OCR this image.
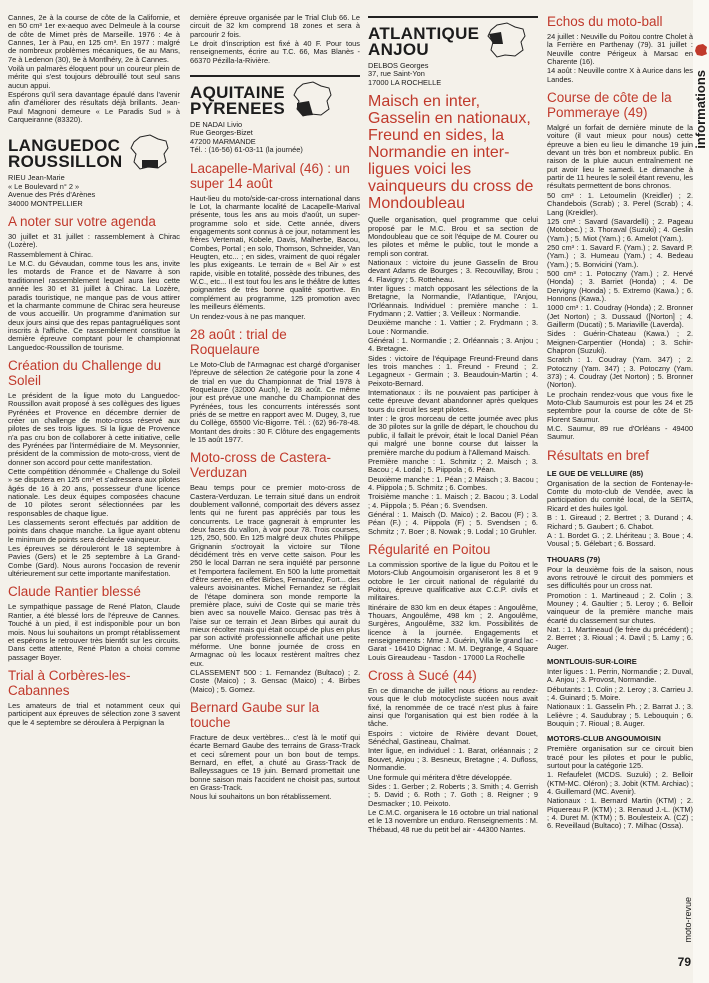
Cannes, 2e à la course de côte de la Californie, et en 50 cm³ 1er ex-aequo avec Delmeule à la course de côte de Mimet près de Marseille. 1976 : 4e à Cannes, 1er à Pau, en 125 cm³. En 1977 : malgré de nombreux problèmes mécaniques, 6e au Mans, 7e à Ledenon (30), 9e à Montlhéry, 2e à Cannes.

Voilà un palmarès éloquent pour un coureur plein de mérite qui s'est toujours débrouillé tout seul sans aucun appui.

Espérons qu'il sera davantage épaulé dans l'avenir afin d'améliorer des résultats déjà brillants. Jean-Paul Magnoni demeure « Le Paradis Sud » à Carqueiranne (83320).

LANGUEDOC
ROUSSILLON
RIEU Jean-Marie
« Le Boulevard n° 2 »
Avenue des Prés d'Arènes
34000 MONTPELLIER
A noter sur votre agenda

30 juillet et 31 juillet : rassemblement à Chirac (Lozère).

Rassemblement à Chirac.

Le M.C. du Gévaudan, comme tous les ans, invite les motards de France et de Navarre à son traditionnel rassemblement lequel aura lieu cette année les 30 et 31 juillet à Chirac. La Lozère, paradis touristique, ne manque pas de vous attirer et la charmante commune de Chirac sera heureuse de vous accueillir. Un programme d'animation sur deux jours ainsi que des repas pantagruéliques sont inscrits à l'affiche. Ce rassemblement constitue la dernière épreuve comptant pour le championnat Languedoc-Roussillon de tourisme.

Création du Challenge du Soleil

Le président de la ligue moto du Languedoc-Roussillon avait proposé à ses collègues des ligues Pyrénées et Provence en décembre dernier de créer un challenge de moto-cross réservé aux pilotes de ses trois ligues. Si la ligue de Provence n'a pas cru bon de collaborer à cette initiative, celle des Pyrénées par l'intermédiaire de M. Meysonnier, président de la commission de moto-cross, vient de donner son accord pour cette manifestation.

Cette compétition dénommée « Challenge du Soleil » se disputera en 125 cm³ et s'adressera aux pilotes âgés de 16 à 20 ans, possesseur d'une licence nationale. Les deux équipes composées chacune de 10 pilotes seront sélectionnées par les responsables de chaque ligue.

Les classements seront effectués par addition de points dans chaque manche. La ligue ayant obtenu le minimum de points sera déclarée vainqueur.

Les épreuves se dérouleront le 18 septembre à Pavies (Gers) et le 25 septembre à La Grand-Combe (Gard). Nous aurons l'occasion de revenir ultérieurement sur cette importante manifestation.

Claude Rantier blessé

Le sympathique passage de René Platon, Claude Rantier, a été blessé lors de l'épreuve de Cannes. Touché à un pied, il est indisponible pour un bon mois. Nous lui souhaitons un prompt rétablissement et espérons le retrouver très bientôt sur les circuits. Dans cette attente, René Platon a choisi comme passager Boyer.

Trial à Corbères-les-Cabannes

Les amateurs de trial et notamment ceux qui participent aux épreuves de sélection zone 3 savent que le 4 septembre se déroulera à Perpignan la

dernière épreuve organisée par le Trial Club 66. Le circuit de 32 km comprend 18 zones et sera à parcourir 2 fois.

Le droit d'inscription est fixé à 40 F. Pour tous renseignements, écrire au T.C. 66, Mas Blanès - 66370 Pézilla-la-Rivière.

AQUITAINE
PYRENEES
DE NADAI Livio
Rue Georges-Bizet
47200 MARMANDE
Tél. : (16-56) 61-03-11 (la journée)
Lacapelle-Marival (46) : un super 14 août

Haut-lieu du moto/side-car-cross international dans le Lot, la charmante localité de Lacapelle-Marival présente, tous les ans au mois d'août, un super-programme solo et side. Cette année, divers engagements sont connus à ce jour, notamment les frères Vertemati, Kobele, Davis, Malherbe, Bacou, Combes, Portal ; en solo, Thomson, Schneider, Van Heugten, etc... ; en sides, vraiment de quoi régaler les plus exigeants. Le terrain de « Bel Air » est rapide, visible en totalité, possède des tribunes, des W.C., etc... Il est tout fou les ans le théâtre de luttes poignantes de très bonne qualité sportive. En complément au programme, 125 promotion avec les meilleurs éléments.

Un rendez-vous à ne pas manquer.

28 août : trial de Roquelaure

Le Moto-Club de l'Armagnac est chargé d'organiser l'épreuve de sélection 2e catégorie pour la zone 4 de trial en vue du Championnat de Trial 1978 à Roquelaure (32000 Auch), le 28 août. Ce même jour est prévue une manche du Championnat des Pyrénées, tous les concurrents intéressés sont priés de se mettre en rapport avec M. Dugey, 3, rue du Collège, 65500 Vic-Bigorre. Tél. : (62) 96-78-48. Montant des droits : 30 F. Clôture des engagements le 15 août 1977.

Moto-cross de Castera-Verduzan

Beau temps pour ce premier moto-cross de Castera-Verduzan. Le terrain situé dans un endroit doublement vallonné, comportait des dévers assez lents qui ne furent pas appréciés par tous les concurrents. Le trace gagnerait à emprunter les deux faces du vallon, à voir pour 78. Trois courses, 125, 250, 500. En 125 malgré deux chutes Philippe Grignanin s'octroyait la victoire sur Tilone décidément très en verve cette saison. Pour les 250 le local Darran ne sera inquiété par personne et l'emportera facilement. En 500 la lutte promettait d'être serrée, en effet Birbes, Fernandez, Fort... des valeurs avoisinantes. Michel Fernandez se réglait de l'étape dominera son monde remporte la première place, suivi de Coste qui se mariе très bien avec sa nouvelle Maico. Gensac pas très à l'aise sur ce terrain et Jean Birbes qui aurait du mieux récolter mais qui était occupé de plus en plus par son activité professionnelle affichait une petite méforme. Une bonne journée de cross en Armagnac où les locaux restèrent maîtres chez eux.

CLASSEMENT 500 : 1. Fernandez (Bultaco) ; 2. Coste (Maico) ; 3. Gensac (Maico) ; 4. Birbes (Maico) ; 5. Gomez.

Bernard Gaube sur la touche

Fracture de deux vertèbres... c'est là le motif qui écarte Bernard Gaube des terrains de Grass-Track et ceci sûrement pour un bon bout de temps. Bernard, en effet, a chuté au Grass-Track de Balleyssagues ce 19 juin. Bernard promettait une bonne saison mais l'accident ne choisit pas, surtout en Grass-Track.

Nous lui souhaitons un bon rétablissement.

ATLANTIQUE
ANJOU
DELBOS Georges
37, rue Saint-Yon
17000 LA ROCHELLE
Maisch en inter, Gasselin en nationaux, Freund en sides, la Normandie en inter-ligues voici les vainqueurs du cross de Mondoubleau

Quelle organisation, quel programme que celui proposé par le M.C. Brou et sa section de Mondoubleau que ce soit l'équipe de M. Courer ou les pilotes et même le public, tout le monde a rempli son contrat.

Nationaux : victoire du jeune Gasselin de Brou devant Adams de Bourges ; 3. Recouvillay, Brou ; 4. Flavigny ; 5. Rotteheau.

Inter ligues : match opposant les sélections de la Bretagne, la Normandie, l'Atlantique, l'Anjou, l'Orléannais. Individuel : première manche : 1. Frydmann ; 2. Vattier ; 3. Veilleux : Normandie.

Deuxième manche : 1. Vattier ; 2. Frydmann ; 3. Loue : Normandie.

Général : 1. Normandie ; 2. Orléannais ; 3. Anjou ; 4. Bretagne.

Sides : victoire de l'équipage Freund-Freund dans les trois manches : 1. Freund - Freund ; 2. Legagneux - Germain ; 3. Beaudouin-Martin ; 4. Peixoto-Bernard.

Internationaux : ils ne pouvaient pas participer à cette épreuve devant abandonner après quelques tours du circuit les sept pilotes.

Inter : le gros morceau de cette journée avec plus de 30 pilotes sur la grille de départ, le chouchou du public, il fallait le prévoir, était le local Daniel Péan qui malgré une bonne course dut laisser la première marche du podium à l'Allemand Maisch.

Première manche : 1. Schmitz ; 2. Maisch ; 3. Bacou ; 4. Lodal ; 5. Piippola ; 6. Péan.

Deuxième manche : 1. Péan ; 2 Maisch ; 3. Bacou ; 4. Piippola ; 5. Schmitz ; 6. Combes.

Troisième manche : 1. Maisch ; 2. Bacou ; 3. Lodal ; 4. Piippola ; 5. Péan ; 6. Svendsen.

Général : 1. Maisch (D. Maico) ; 2. Bacou (F) ; 3. Péan (F.) ; 4. Piippola (F) ; 5. Svendsen ; 6. Schmitz ; 7. Boer ; 8. Nowak ; 9. Lodal ; 10 Gruhler.

Régularité en Poitou

La commission sportive de la ligue du Poitou et le Motors-Club Angoumoisin organiseront les 8 et 9 octobre le 1er circuit national de régularité du Poitou, épreuve qualificative aux C.C.P. civils et militaires.

Itinéraire de 830 km en deux étapes : Angoulême, Thouars, Angoulême, 498 km ; 2. Angoulême, Surgères, Angoulême, 332 km. Possibilités de licence à la journée. Engagements et renseignements : Mme J. Guérin, Villa le grand lac - Garat - 16410 Dignac : M. M. Degrange, 4 Square Louis Gireaudeau - Tasdon - 17000 La Rochelle

Cross à Sucé (44)

En ce dimanche de juillet nous étions au rendez-vous que le club motocycliste sucéen nous avait fixé, la renommée de ce tracé n'est plus à faire ainsi que l'organisation qui est bien rodée à la tâche.

Espoirs : victoire de Rivière devant Douet, Sénéchal, Gastineau, Chalmat.

Inter ligue, en individuel : 1. Barat, orléannais ; 2 Bouvet, Anjou ; 3. Besneux, Bretagne ; 4. Dufloss, Normandie.

Une formule qui méritera d'être développée.

Sides : 1. Gerber ; 2. Roberts ; 3. Smith ; 4. Gerrish ; 5. David ; 6. Roth ; 7. Goth ; 8. Reigner ; 9 Desmacker ; 10. Peixoto.

Le C.M.C. organisera le 16 octobre un trial national et le 13 novembre un enduro. Renseignements : M. Thébaud, 48 rue du petit bel air - 44300 Nantes.

Echos du moto-ball

24 juillet : Neuville du Poitou contre Cholet à la Ferrière en Parthenay (79). 31 juillet : Neuville contre Périgeux à Marsac en Charente (16).

14 août : Neuville contre X à Aurice dans les Landes.

Course de côte de la Pommeraye (49)

Malgré un forfait de dernière minute de la voiture (il vaut mieux pour nous) cette épreuve a bien eu lieu le dimanche 19 juin devant un très bon et nombreux public. En raison de la pluie aucun entraînement ne put avoir lieu le samedi. Le dimanche à partir de 11 heures le soleil étant revenu, les résultats permettent de bons chronos.

50 cm³ : 1. Letoumelin (Kreidler) ; 2. Chandebois (Scrab) ; 3. Perel (Scrab) ; 4. Lang (Kreidler).

125 cm³ : Savard (Savardelli) ; 2. Pageau (Motobec.) ; 3. Thoraval (Suzuki) ; 4. Geslin (Yam.) ; 5. Miot (Yam.) ; 6. Amelot (Yam.).

250 cm³ : 1. Savard F. (Yam.) ; 2. Savard P. (Yam.) ; 3. Humeau (Yam.) ; 4. Bedeau (Yam.) ; 5. Bonvicini (Yam.).

500 cm³ : 1. Potoczny (Yam.) ; 2. Hervé (Honda) ; 3. Barriet (Honda) ; 4. De Dervigny (Honda) ; 5. Extremo (Kawa.) ; 6. Honnons (Kawa.).

1000 cm³ : 1. Coudray (Honda) ; 2. Bronner (Jet Norton) ; 3. Dussaud ([Norton] ; 4. Gaillerm (Ducati) ; 5. Mariaville (Laverda).

Sides : Guérin-Chateau (Kawa.) ; 2. Meignen-Carpentier (Honda) ; 3. Schir-Chapron (Suzuki).

Scratch : 1. Coudray (Yam. 347) ; 2. Potoczny (Yam. 347) ; 3. Potoczny (Yam. 373) ; 4. Coudray (Jet Norton) ; 5. Bronner (Norton).

Le prochain rendez-vous que vous fixe le Moto-Club Saumurois est pour les 24 et 25 septembre pour la course de côte de St-Florent Saumur.

M.C. Saumur, 89 rue d'Orléans - 49400 Saumur.

Résultats en bref
LE GUE DE VELLUIRE (85)

Organisation de la section de Fontenay-le-Comte du moto-club de Vendée, avec la participation du comité local, de la SEITA, Ricard et des huiles Igol.

B : 1. Gireaud ; 2. Bertret ; 3. Durand ; 4. Richard ; 5. Gaubert ; 6. Chabot.

A : 1. Bordet G. ; 2. Lhériteau ; 3. Boue ; 4. Vousal ; 5. Gélebart ; 6. Bossard.

THOUARS (79)

Pour la deuxième fois de la saison, nous avons retrouvé le circuit des pommiers et ses difficultés pour un cross nat.

Promotion : 1. Martineaud ; 2. Colin ; 3. Mouney ; 4. Gaultier ; 5. Leroy ; 6. Belloir vainqueur de la première manche mais écarté du classement sur chutes.

Nat. : 1. Martineaud (le frère du précédent) ; 2. Berret ; 3. Rioual ; 4. Davil ; 5. Lamy ; 6. Auger.

MONTLOUIS-SUR-LOIRE

Inter ligues : 1. Perrin, Normandie ; 2. Duval, A. Anjou ; 3. Provost, Normandie.

Débutants : 1. Colin ; 2. Leroy ; 3. Carrieu J. ; 4. Guinard ; 5. Moire.

Nationaux : 1. Gasselin Ph. ; 2. Barrat J. ; 3. Lelièvre ; 4. Saudubray ; 5. Lebouquin ; 6. Bouquin ; 7. Rioual ; 8. Auger.

MOTORS-CLUB ANGOUMOISIN

Première organisation sur ce circuit bien tracé pour les pilotes et pour le public, surtout pour la catégorie 125.

1. Refaufelet (MCDS. Suzuki) ; 2. Belloir (KTM-MC. Oléron) ; 3. Jobit (KTM. Archiac) ; 4. Guillemard (MC. Avenir).

Nationaux : 1. Bernard Martin (KTM) ; 2. Piquereau P. (KTM) ; 3. Renaud J.-L. (KTM) ; 4. Duret M. (KTM) ; 5. Boulesteix A. (CZ) ; 6. Reveillaud (Bultaco) ; 7. Milhac (Ossa).

informations
moto-revue
79
